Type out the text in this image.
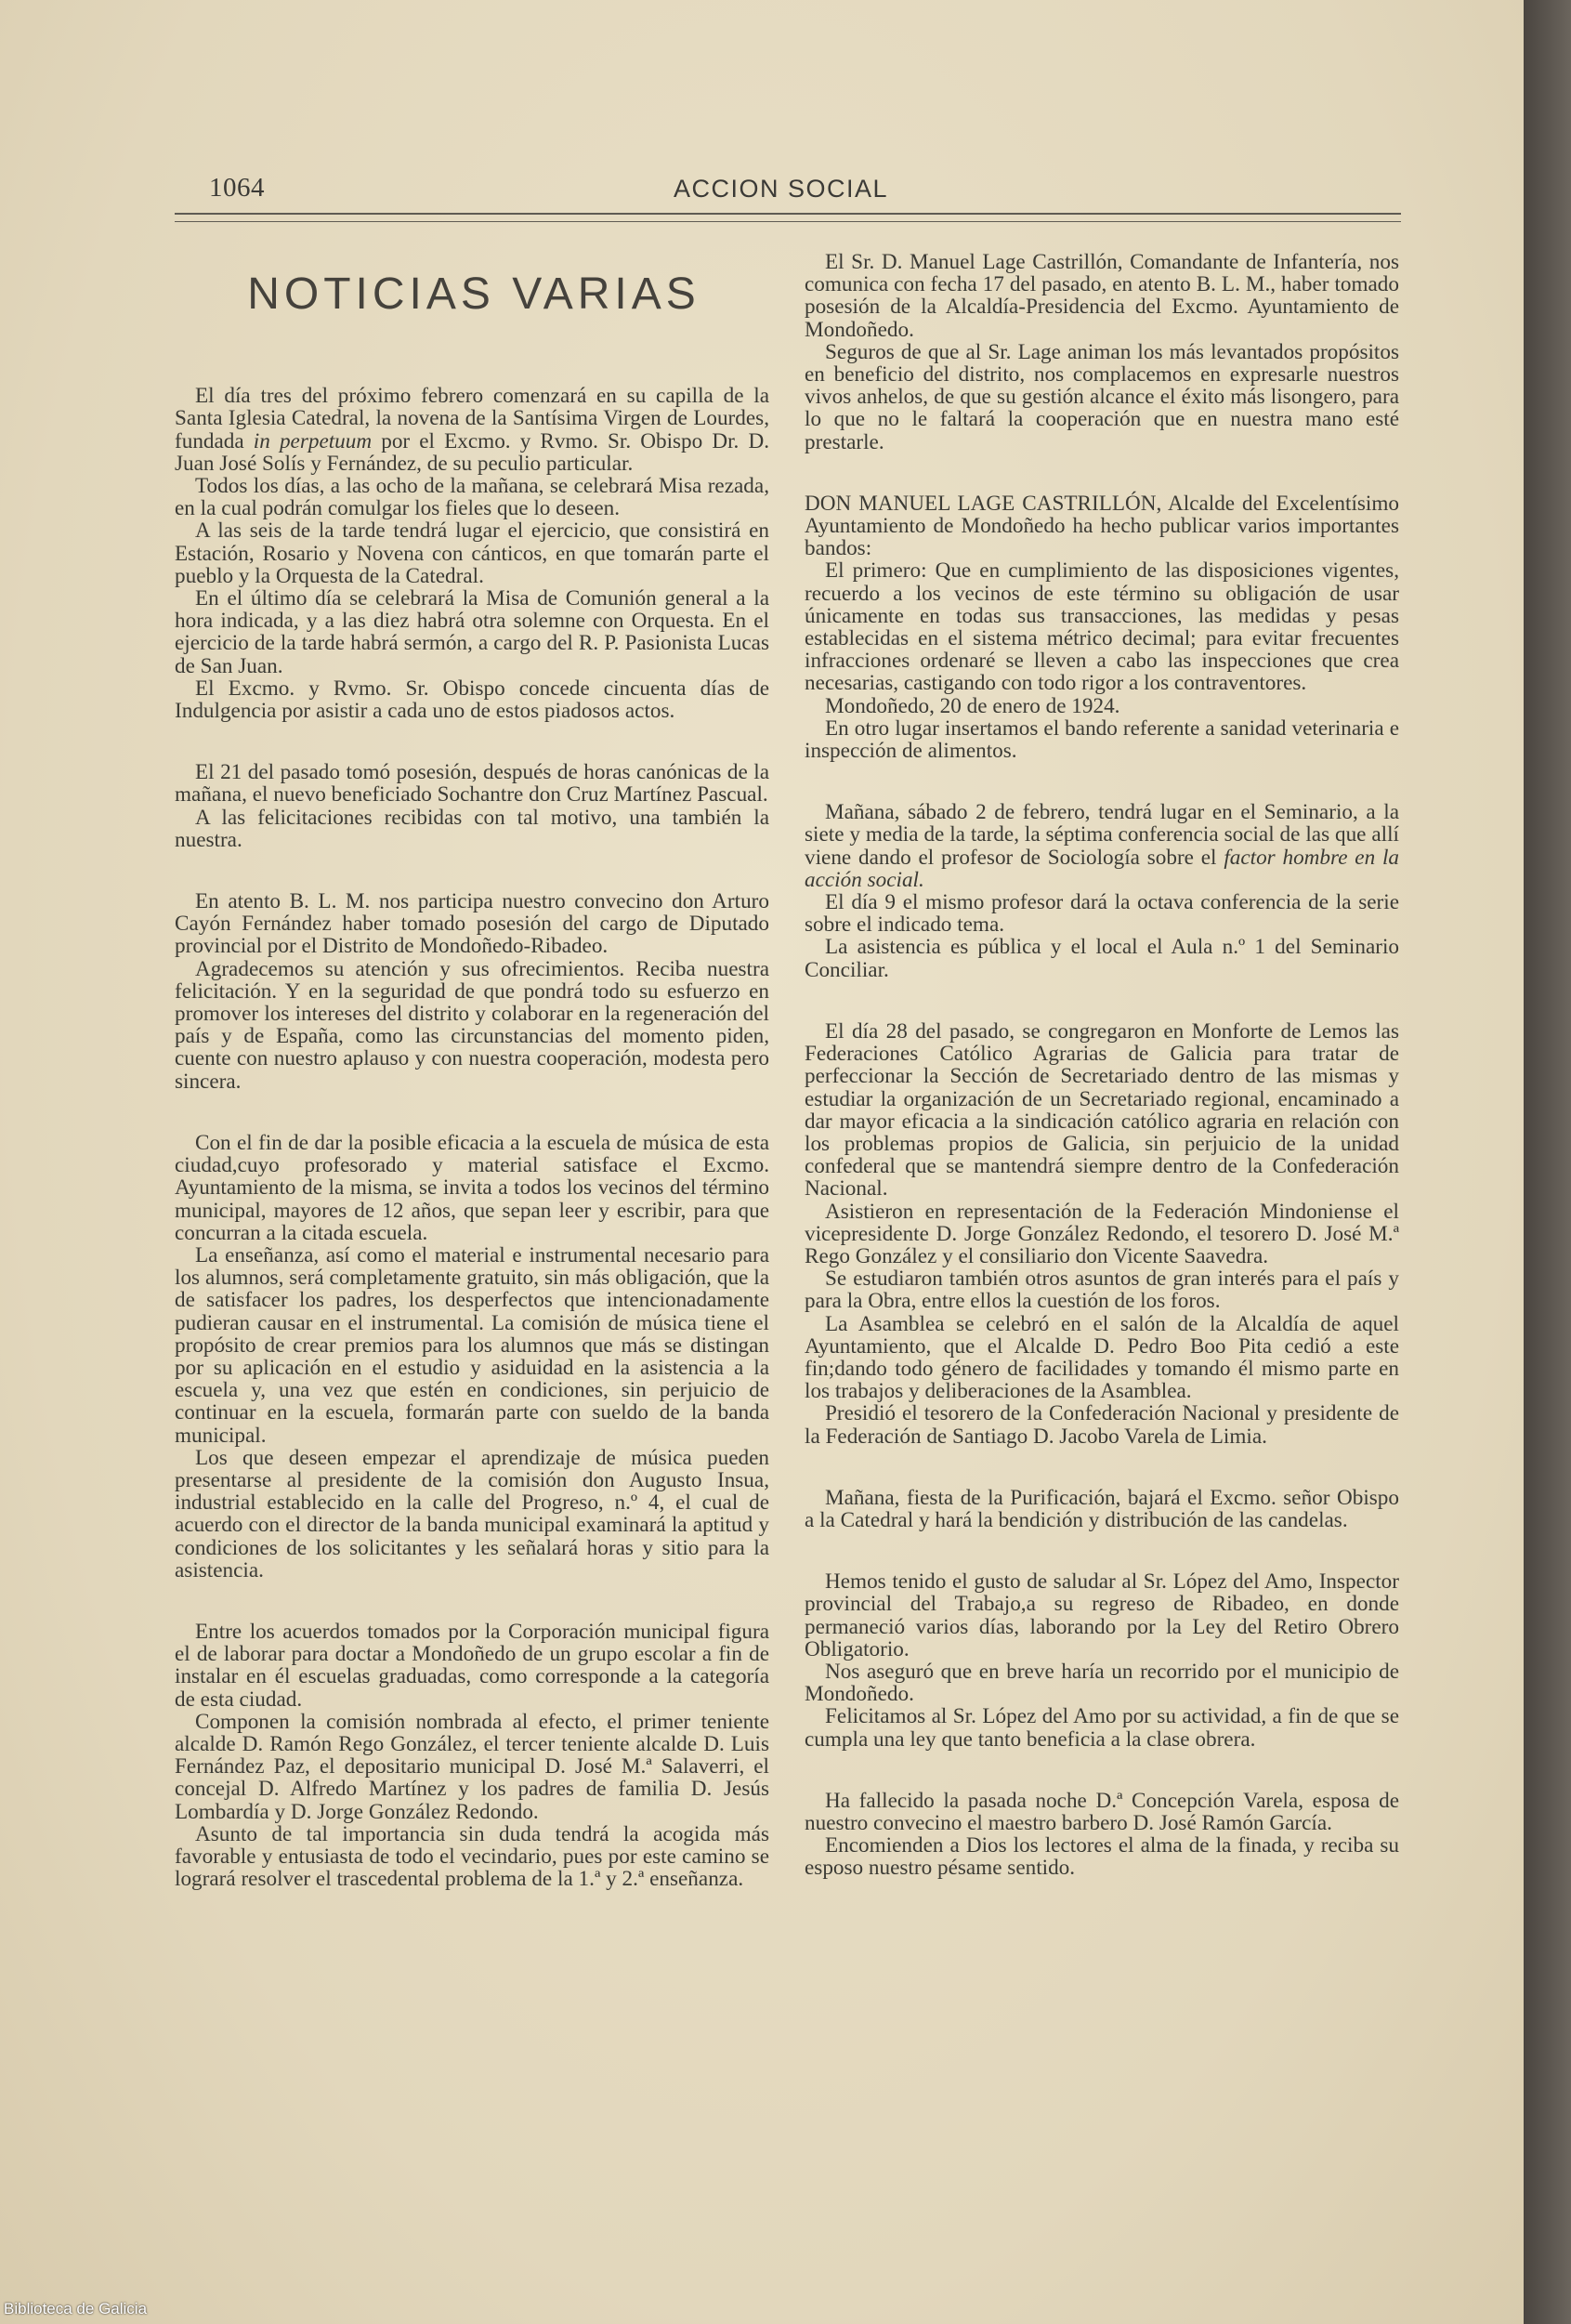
1064	ACCION SOCIAL
NOTICIAS VARIAS

El día tres del próximo febrero comenzará en su capilla de la Santa Iglesia Catedral, la novena de la Santísima Virgen de Lourdes, fundada in perpetuum por el Excmo. y Rvmo. Sr. Obispo Dr. D. Juan José Solís y Fernández, de su peculio particular.

Todos los días, a las ocho de la mañana, se celebrará Misa rezada, en la cual podrán comulgar los fieles que lo deseen.

A las seis de la tarde tendrá lugar el ejercicio, que consistirá en Estación, Rosario y Novena con cánticos, en que tomarán parte el pueblo y la Orquesta de la Catedral.

En el último día se celebrará la Misa de Comunión general a la hora indicada, y a las diez habrá otra solemne con Orquesta. En el ejercicio de la tarde habrá sermón, a cargo del R. P. Pasionista Lucas de San Juan.

El Excmo. y Rvmo. Sr. Obispo concede cincuenta días de Indulgencia por asistir a cada uno de estos piadosos actos.

El 21 del pasado tomó posesión, después de horas canónicas de la mañana, el nuevo beneficiado Sochantre don Cruz Martínez Pascual.

A las felicitaciones recibidas con tal motivo, una también la nuestra.

En atento B. L. M. nos participa nuestro convecino don Arturo Cayón Fernández haber tomado posesión del cargo de Diputado provincial por el Distrito de Mondoñedo-Ribadeo.

Agradecemos su atención y sus ofrecimientos. Reciba nuestra felicitación. Y en la seguridad de que pondrá todo su esfuerzo en promover los intereses del distrito y colaborar en la regeneración del país y de España, como las circunstancias del momento piden, cuente con nuestro aplauso y con nuestra cooperación, modesta pero sincera.

Con el fin de dar la posible eficacia a la escuela de música de esta ciudad,cuyo profesorado y material satisface el Excmo. Ayuntamiento de la misma, se invita a todos los vecinos del término municipal, mayores de 12 años, que sepan leer y escribir, para que concurran a la citada escuela.

La enseñanza, así como el material e instrumental necesario para los alumnos, será completamente gratuito, sin más obligación, que la de satisfacer los padres, los desperfectos que intencionadamente pudieran causar en el instrumental. La comisión de música tiene el propósito de crear premios para los alumnos que más se distingan por su aplicación en el estudio y asiduidad en la asistencia a la escuela y, una vez que estén en condiciones, sin perjuicio de continuar en la escuela, formarán parte con sueldo de la banda municipal.

Los que deseen empezar el aprendizaje de música pueden presentarse al presidente de la comisión don Augusto Insua, industrial establecido en la calle del Progreso, n.º 4, el cual de acuerdo con el director de la banda municipal examinará la aptitud y condiciones de los solicitantes y les señalará horas y sitio para la asistencia.

Entre los acuerdos tomados por la Corporación municipal figura el de laborar para doctar a Mondoñedo de un grupo escolar a fin de instalar en él escuelas graduadas, como corresponde a la categoría de esta ciudad.

Componen la comisión nombrada al efecto, el primer teniente alcalde D. Ramón Rego González, el tercer teniente alcalde D. Luis Fernández Paz, el depositario municipal D. José M.ª Salaverri, el concejal D. Alfredo Martínez y los padres de familia D. Jesús Lombardía y D. Jorge González Redondo.

Asunto de tal importancia sin duda tendrá la acogida más favorable y entusiasta de todo el vecindario, pues por este camino se logrará resolver el trascedental problema de la 1.ª y 2.ª enseñanza.

El Sr. D. Manuel Lage Castrillón, Comandante de Infantería, nos comunica con fecha 17 del pasado, en atento B. L. M., haber tomado posesión de la Alcaldía-Presidencia del Excmo. Ayuntamiento de Mondoñedo.

Seguros de que al Sr. Lage animan los más levantados propósitos en beneficio del distrito, nos complacemos en expresarle nuestros vivos anhelos, de que su gestión alcance el éxito más lisongero, para lo que no le faltará la cooperación que en nuestra mano esté prestarle.

DON MANUEL LAGE CASTRILLÓN, Alcalde del Excelentísimo Ayuntamiento de Mondoñedo ha hecho publicar varios importantes bandos:

El primero: Que en cumplimiento de las disposiciones vigentes, recuerdo a los vecinos de este término su obligación de usar únicamente en todas sus transacciones, las medidas y pesas establecidas en el sistema métrico decimal; para evitar frecuentes infracciones ordenaré se lleven a cabo las inspecciones que crea necesarias, castigando con todo rigor a los contraventores.

Mondoñedo, 20 de enero de 1924.

En otro lugar insertamos el bando referente a sanidad veterinaria e inspección de alimentos.

Mañana, sábado 2 de febrero, tendrá lugar en el Seminario, a la siete y media de la tarde, la séptima conferencia social de las que allí viene dando el profesor de Sociología sobre el factor hombre en la acción social.

El día 9 el mismo profesor dará la octava conferencia de la serie sobre el indicado tema.

La asistencia es pública y el local el Aula n.º 1 del Seminario Conciliar.

El día 28 del pasado, se congregaron en Monforte de Lemos las Federaciones Católico Agrarias de Galicia para tratar de perfeccionar la Sección de Secretariado dentro de las mismas y estudiar la organización de un Secretariado regional, encaminado a dar mayor eficacia a la sindicación católico agraria en relación con los problemas propios de Galicia, sin perjuicio de la unidad confederal que se mantendrá siempre dentro de la Confederación Nacional.

Asistieron en representación de la Federación Mindoniense el vicepresidente D. Jorge González Redondo, el tesorero D. José M.ª Rego González y el consiliario don Vicente Saavedra.

Se estudiaron también otros asuntos de gran interés para el país y para la Obra, entre ellos la cuestión de los foros.

La Asamblea se celebró en el salón de la Alcaldía de aquel Ayuntamiento, que el Alcalde D. Pedro Boo Pita cedió a este fin;dando todo género de facilidades y tomando él mismo parte en los trabajos y deliberaciones de la Asamblea.

Presidió el tesorero de la Confederación Nacional y presidente de la Federación de Santiago D. Jacobo Varela de Limia.

Mañana, fiesta de la Purificación, bajará el Excmo. señor Obispo a la Catedral y hará la bendición y distribución de las candelas.

Hemos tenido el gusto de saludar al Sr. López del Amo, Inspector provincial del Trabajo,a su regreso de Ribadeo, en donde permaneció varios días, laborando por la Ley del Retiro Obrero Obligatorio.

Nos aseguró que en breve haría un recorrido por el municipio de Mondoñedo.

Felicitamos al Sr. López del Amo por su actividad, a fin de que se cumpla una ley que tanto beneficia a la clase obrera.

Ha fallecido la pasada noche D.ª Concepción Varela, esposa de nuestro convecino el maestro barbero D. José Ramón García.

Encomienden a Dios los lectores el alma de la finada, y reciba su esposo nuestro pésame sentido.

Biblioteca de Galicia
